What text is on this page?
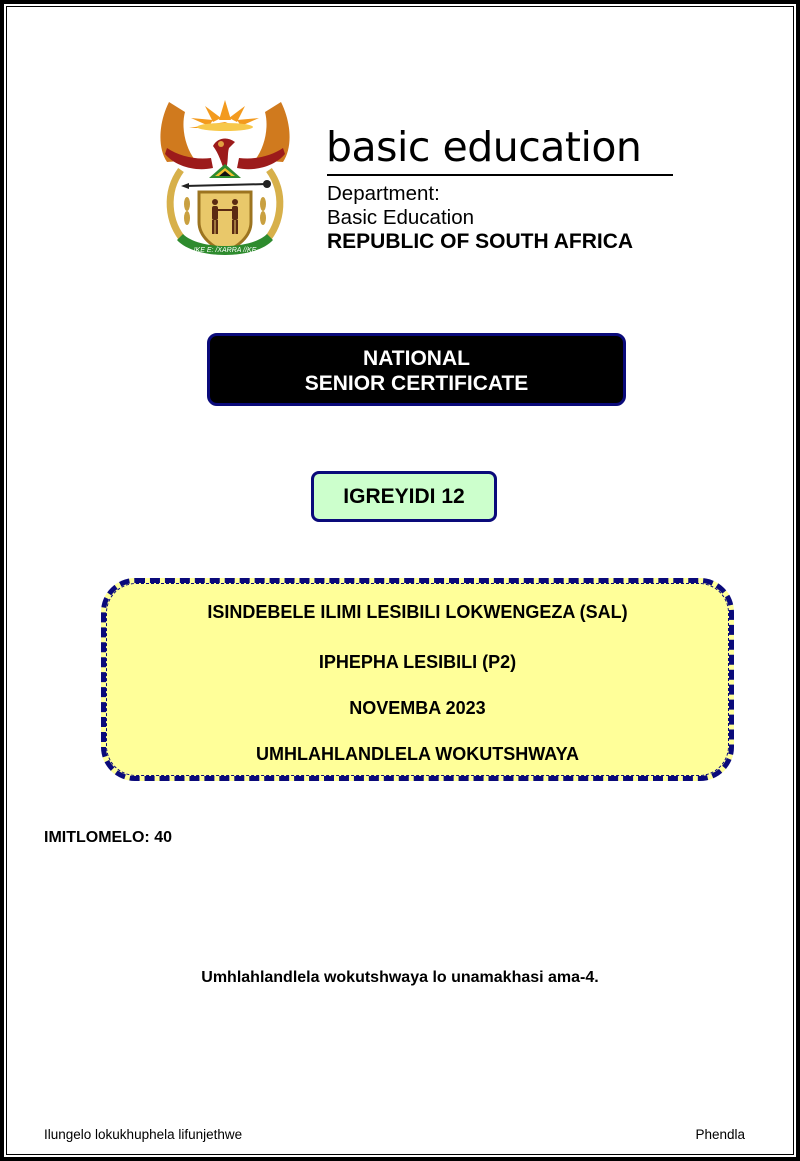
!KE E: /XARRA //KE
basic education
Department:
Basic Education
REPUBLIC OF SOUTH AFRICA
NATIONAL
SENIOR CERTIFICATE
IGREYIDI 12
ISINDEBELE ILIMI LESIBILI LOKWENGEZA (SAL)
IPHEPHA LESIBILI (P2)
NOVEMBA 2023
UMHLAHLANDLELA WOKUTSHWAYA
IMITLOMELO: 40
Umhlahlandlela wokutshwaya lo unamakhasi ama-4.
Ilungelo lokukhuphela lifunjethwe	Phendla
